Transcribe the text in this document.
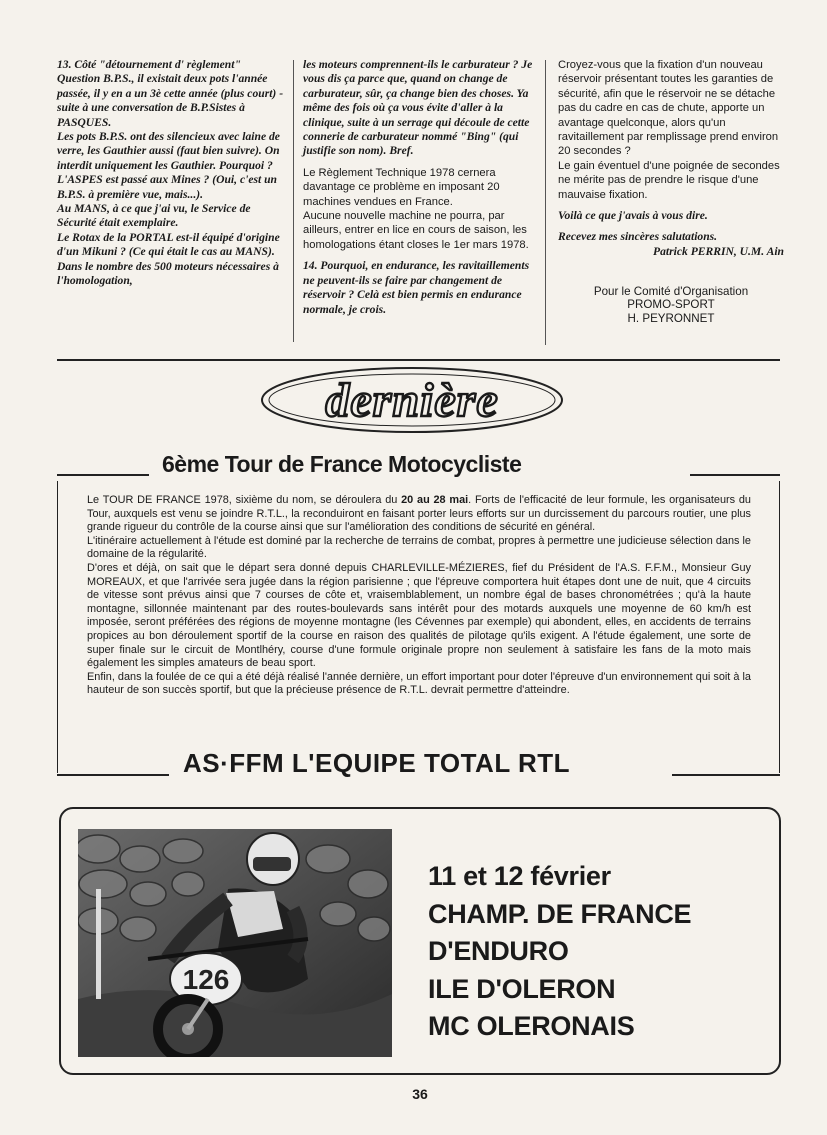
13. Côté "détournement d' règlement" Question B.P.S., il existait deux pots l'année passée, il y en a un 3è cette année (plus court) - suite à une conversation de B.P.Sistes à PASQUES.

Les pots B.P.S. ont des silencieux avec laine de verre, les Gauthier aussi (faut bien suivre). On interdit uniquement les Gauthier. Pourquoi ?

L'ASPES est passé aux Mines ? (Oui, c'est un B.P.S. à première vue, mais...).

Au MANS, à ce que j'ai vu, le Service de Sécurité était exemplaire.

Le Rotax de la PORTAL est-il équipé d'origine d'un Mikuni ? (Ce qui était le cas au MANS). Dans le nombre des 500 moteurs nécessaires à l'homologation,

les moteurs comprennent-ils le carburateur ? Je vous dis ça parce que, quand on change de carburateur, sûr, ça change bien des choses. Ya même des fois où ça vous évite d'aller à la clinique, suite à un serrage qui découle de cette connerie de carburateur nommé "Bing" (qui justifie son nom). Bref.

Le Règlement Technique 1978 cernera davantage ce problème en imposant 20 machines vendues en France.

Aucune nouvelle machine ne pourra, par ailleurs, entrer en lice en cours de saison, les homologations étant closes le 1er mars 1978.

14. Pourquoi, en endurance, les ravitaillements ne peuvent-ils se faire par changement de réservoir ? Celà est bien permis en endurance normale, je crois.

Croyez-vous que la fixation d'un nouveau réservoir présentant toutes les garanties de sécurité, afin que le réservoir ne se détache pas du cadre en cas de chute, apporte un avantage quelconque, alors qu'un ravitaillement par remplissage prend environ 20 secondes ?

Le gain éventuel d'une poignée de secondes ne mérite pas de prendre le risque d'une mauvaise fixation.

Voilà ce que j'avais à vous dire.

Recevez mes sincères salutations.

Patrick PERRIN, U.M. Ain

Pour le Comité d'Organisation
PROMO-SPORT
H. PEYRONNET
dernière
6ème Tour de France Motocycliste

Le TOUR DE FRANCE 1978, sixième du nom, se déroulera du 20 au 28 mai. Forts de l'efficacité de leur formule, les organisateurs du Tour, auxquels est venu se joindre R.T.L., la reconduiront en faisant porter leurs efforts sur un durcissement du parcours routier, une plus grande rigueur du contrôle de la course ainsi que sur l'amélioration des conditions de sécurité en général.

L'itinéraire actuellement à l'étude est dominé par la recherche de terrains de combat, propres à permettre une judicieuse sélection dans le domaine de la régularité.

D'ores et déjà, on sait que le départ sera donné depuis CHARLEVILLE-MÉZIERES, fief du Président de l'A.S. F.F.M., Monsieur Guy MOREAUX, et que l'arrivée sera jugée dans la région parisienne ; que l'épreuve comportera huit étapes dont une de nuit, que 4 circuits de vitesse sont prévus ainsi que 7 courses de côte et, vraisemblablement, un nombre égal de bases chronométrées ; qu'à la haute montagne, sillonnée maintenant par des routes-boulevards sans intérêt pour des motards auxquels une moyenne de 60 km/h est imposée, seront préférées des régions de moyenne montagne (les Cévennes par exemple) qui abondent, elles, en accidents de terrains propices au bon déroulement sportif de la course en raison des qualités de pilotage qu'ils exigent. A l'étude également, une sorte de super finale sur le circuit de Montlhéry, course d'une formule originale propre non seulement à satisfaire les fans de la moto mais également les simples amateurs de beau sport.

Enfin, dans la foulée de ce qui a été déjà réalisé l'année dernière, un effort important pour doter l'épreuve d'un environnement qui soit à la hauteur de son succès sportif, but que la précieuse présence de R.T.L. devrait permettre d'atteindre.

AS·FFM L'EQUIPE TOTAL RTL
126
11 et 12 février
CHAMP. DE FRANCE
D'ENDURO
ILE D'OLERON
MC OLERONAIS
36
